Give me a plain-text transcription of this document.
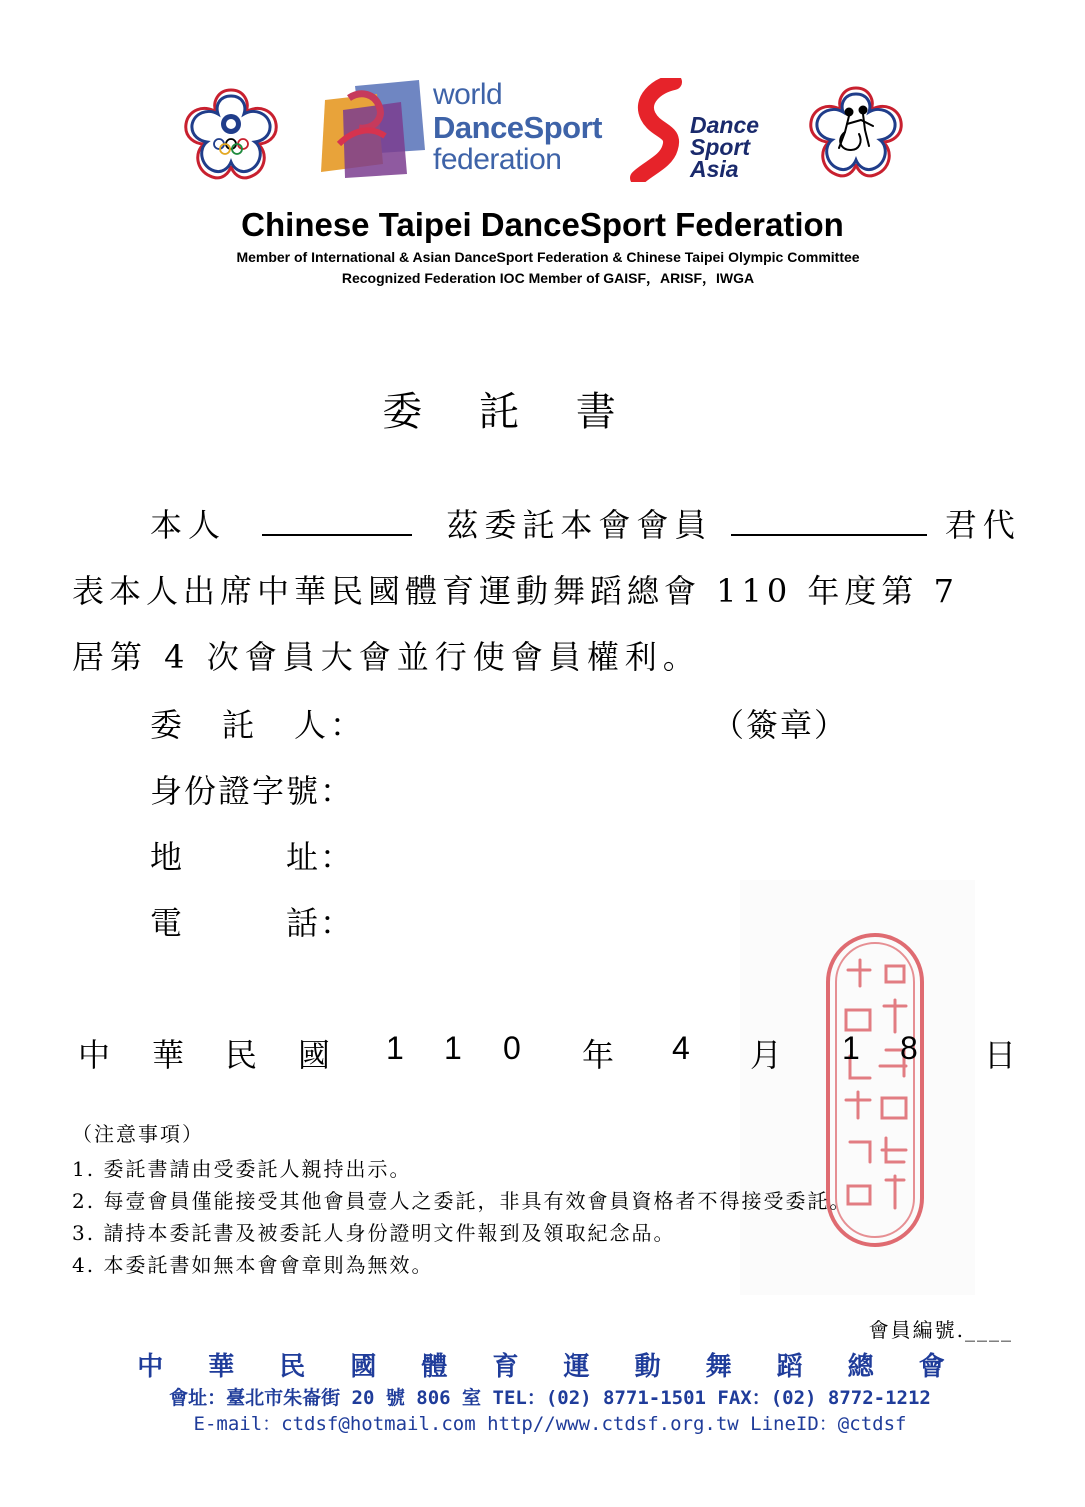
world
DanceSport
federation
Dance
Sport
Asia
Chinese Taipei DanceSport Federation
Member of International & Asian DanceSport Federation & Chinese Taipei Olympic Committee
Recognized Federation IOC Member of GAISF，ARISF，IWGA
委 託 書
本人	茲委託本會會員	君代
表本人出席中華民國體育運動舞蹈總會 110 年度第 7
居第 4 次會員大會並行使會員權利。
委　託　人：	（簽章）
身份證字號：
地　　　址：
電　　　話：
中 華 民 國 1 1 0 年 4 月 1 8 日
（注意事項）
1. 委託書請由受委託人親持出示。
2. 每壹會員僅能接受其他會員壹人之委託，非具有效會員資格者不得接受委託。
3. 請持本委託書及被委託人身份證明文件報到及領取紀念品。
4. 本委託書如無本會會章則為無效。
會員編號.____
中 華 民 國 體 育 運 動 舞 蹈 總 會
會址：臺北市朱崙街 20 號 806 室 TEL：(02) 8771-1501 FAX：(02) 8772-1212
E-mail：ctdsf@hotmail.com http//www.ctdsf.org.tw LineID：@ctdsf
